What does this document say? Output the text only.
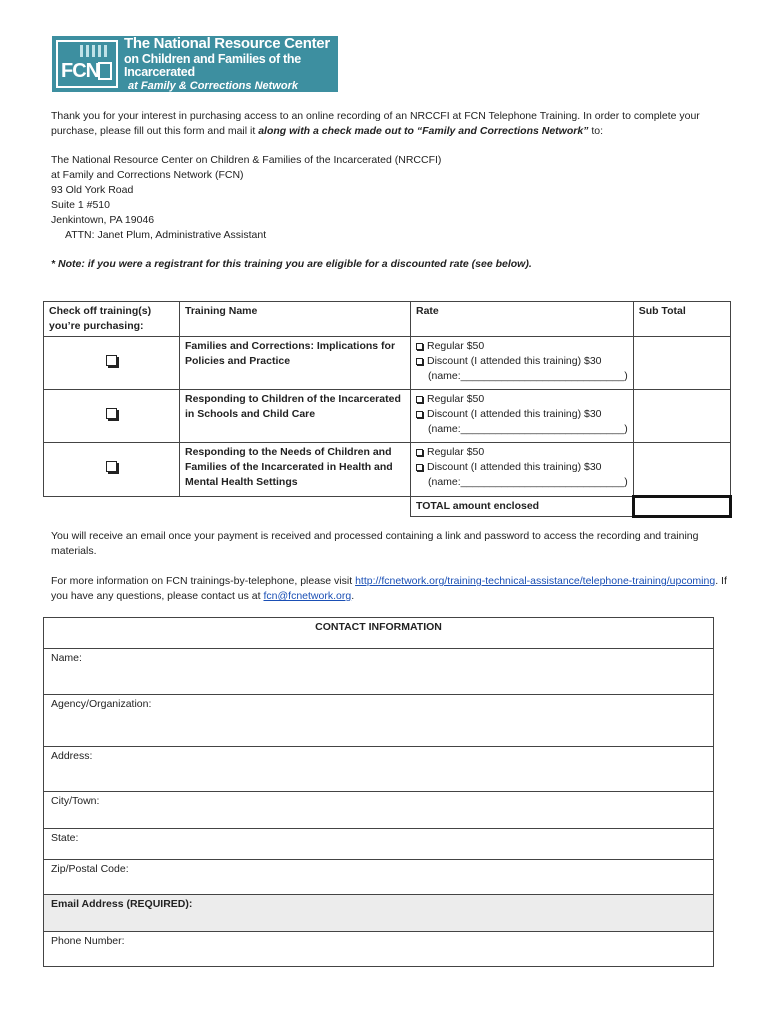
FCN
The National Resource Center
on Children and Families of the Incarcerated
at Family & Corrections Network
Thank you for your interest in purchasing access to an online recording of an NRCCFI at FCN Telephone Training. In order to complete your purchase, please fill out this form and mail it along with a check made out to “Family and Corrections Network” to:
The National Resource Center on Children & Families of the Incarcerated (NRCCFI)
at Family and Corrections Network (FCN)
93 Old York Road
Suite 1 #510
Jenkintown, PA 19046
ATTN: Janet Plum, Administrative Assistant
* Note: if you were a registrant for this training you are eligible for a discounted rate (see below).
Check off training(s) you’re purchasing:	Training Name	Rate	Sub Total

	Families and Corrections: Implications for Policies and Practice	Regular $50
Discount (I attended this training) $30
(name:____________________________)	

	Responding to Children of the Incarcerated in Schools and Child Care	Regular $50
Discount (I attended this training) $30
(name:____________________________)	

	Responding to the Needs of Children and Families of the Incarcerated in Health and Mental Health Settings	Regular $50
Discount (I attended this training) $30
(name:____________________________)	

		TOTAL amount enclosed	
You will receive an email once your payment is received and processed containing a link and password to access the recording and training materials.
For more information on FCN trainings-by-telephone, please visit http://fcnetwork.org/training-technical-assistance/telephone-training/upcoming. If you have any questions, please contact us at fcn@fcnetwork.org.
CONTACT INFORMATION
Name:
Agency/Organization:
Address:
City/Town:
State:
Zip/Postal Code:
Email Address (REQUIRED):
Phone Number:
